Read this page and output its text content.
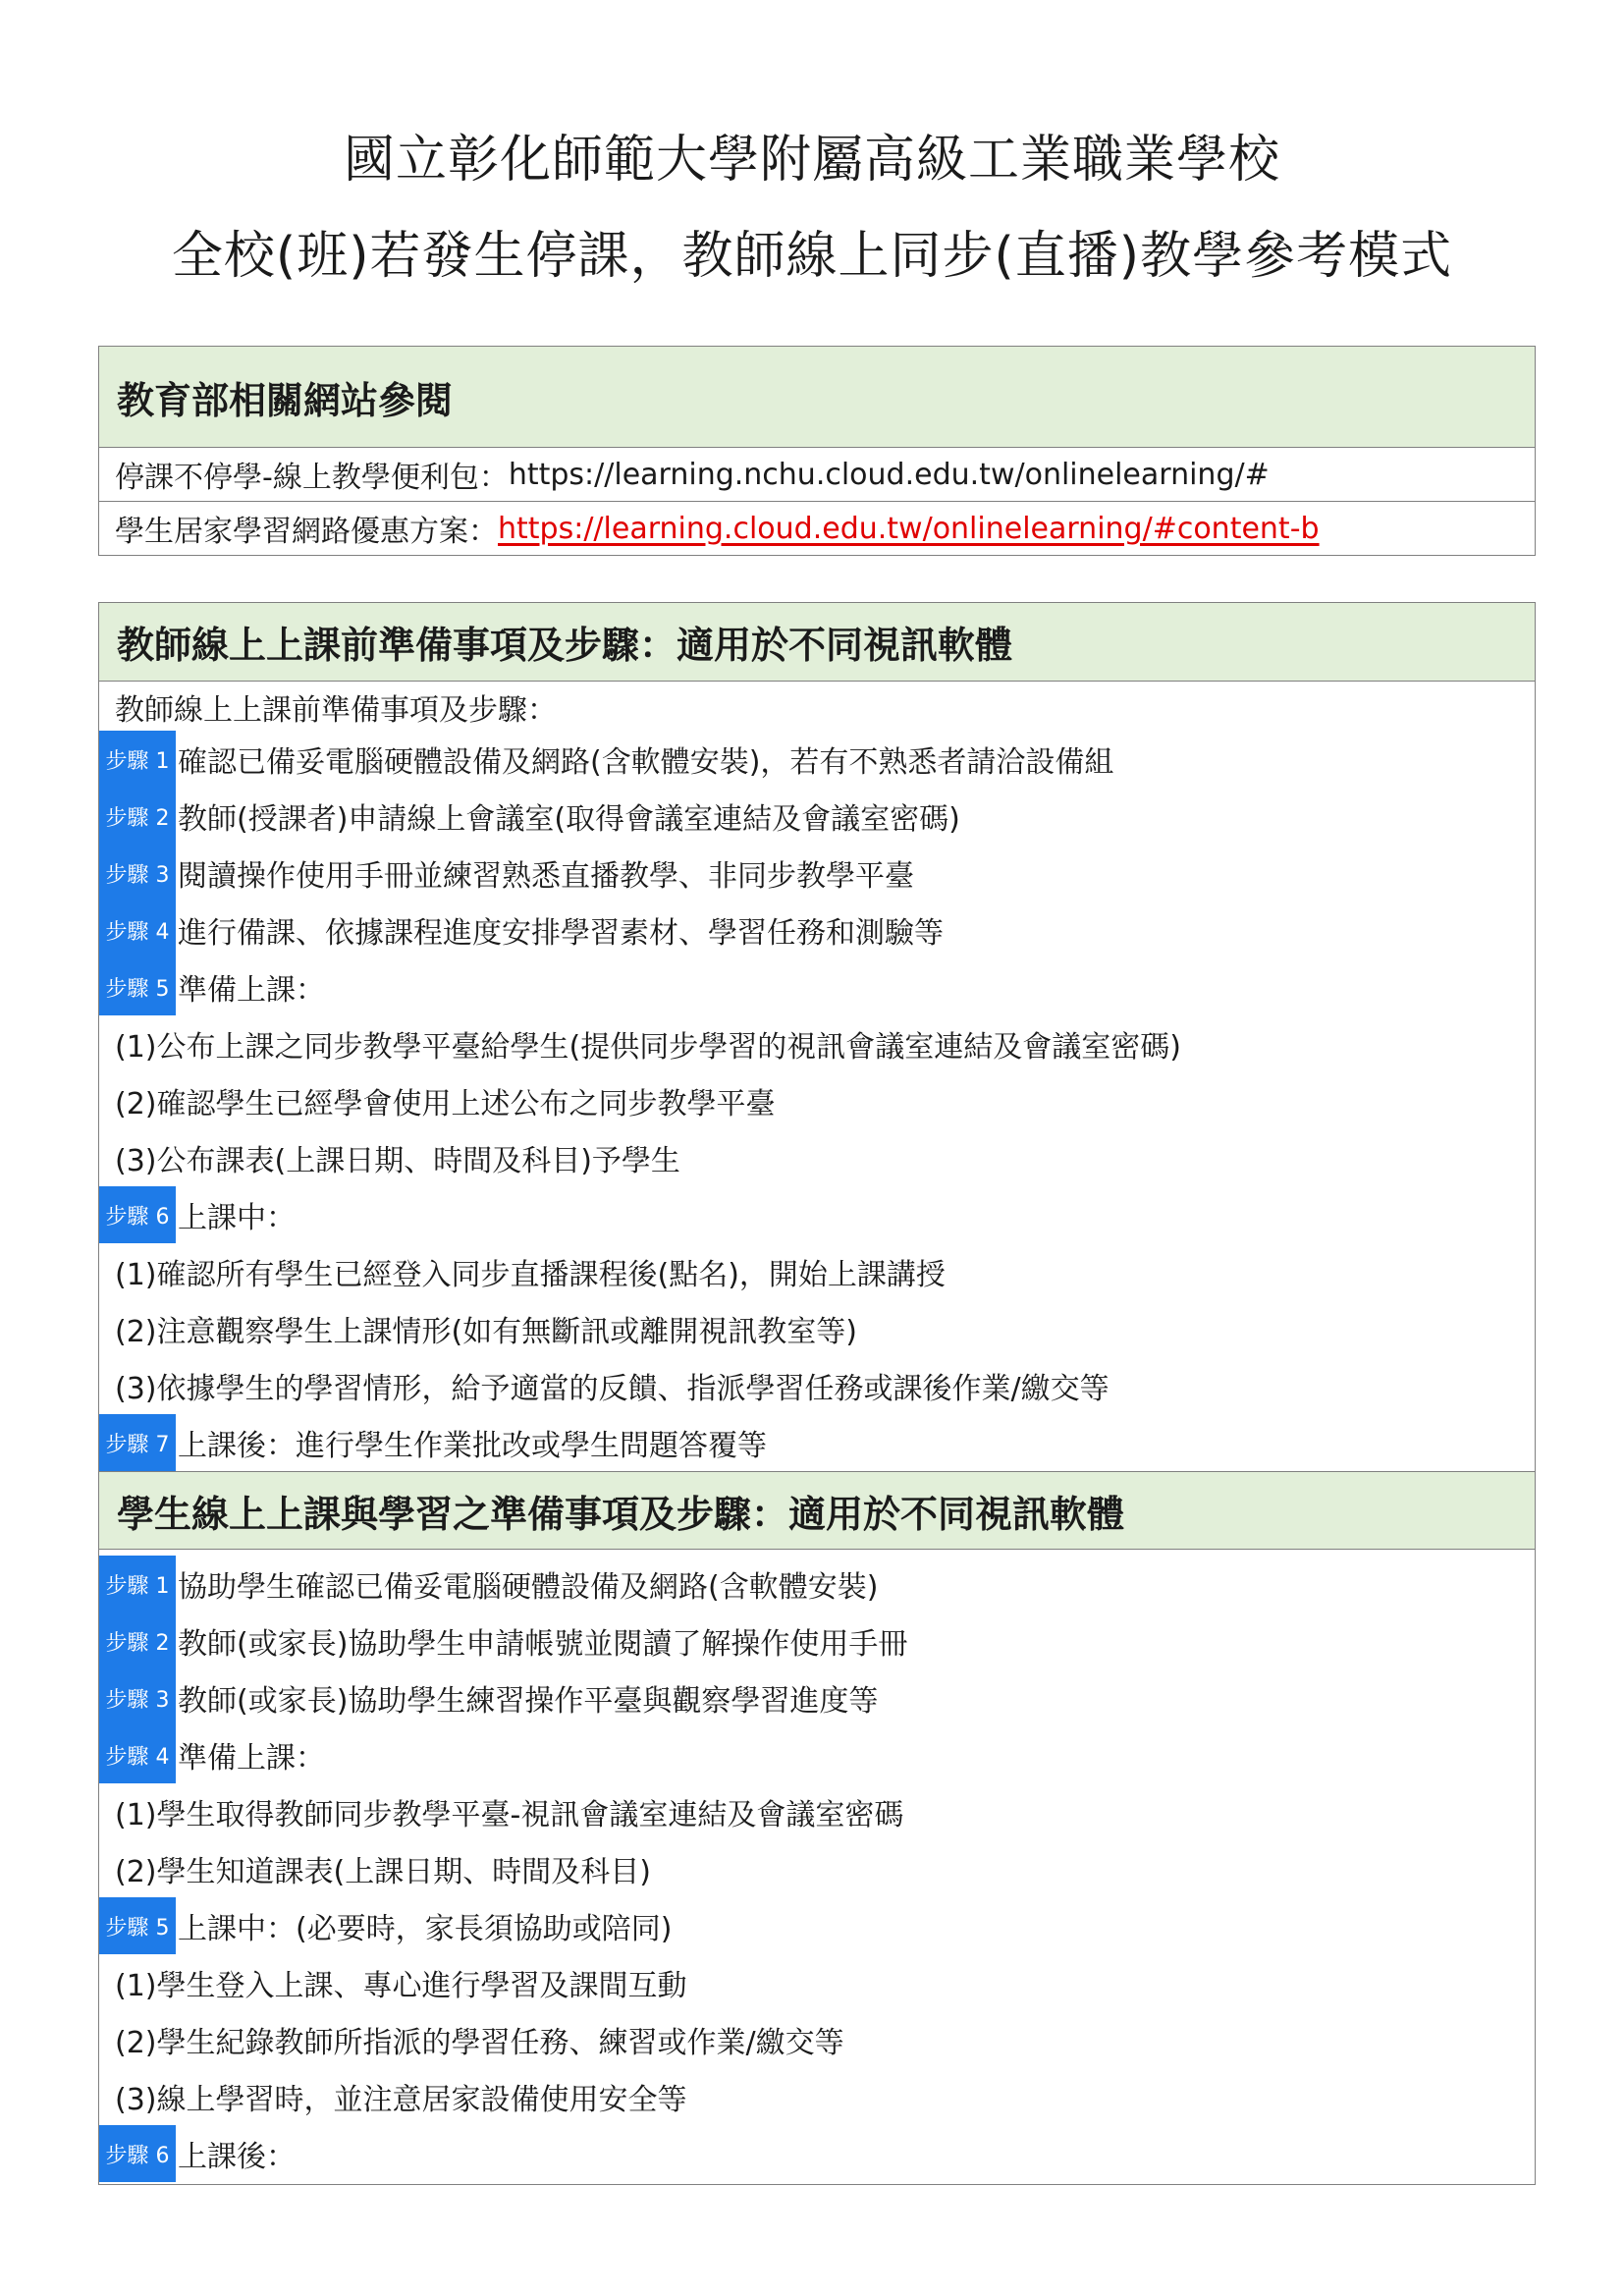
國立彰化師範大學附屬高級工業職業學校
全校(班)若發生停課，教師線上同步(直播)教學參考模式
教育部相關網站參閱
停課不停學-線上教學便利包： https://learning.nchu.cloud.edu.tw/onlinelearning/#
學生居家學習網路優惠方案： https://learning.cloud.edu.tw/onlinelearning/#content-b
教師線上上課前準備事項及步驟：適用於不同視訊軟體
教師線上上課前準備事項及步驟：
步驟 1 確認已備妥電腦硬體設備及網路(含軟體安裝)，若有不熟悉者請洽設備組
步驟 2 教師(授課者)申請線上會議室(取得會議室連結及會議室密碼)
步驟 3 閱讀操作使用手冊並練習熟悉直播教學、非同步教學平臺
步驟 4 進行備課、依據課程進度安排學習素材、學習任務和測驗等
步驟 5 準備上課：
(1)公布上課之同步教學平臺給學生(提供同步學習的視訊會議室連結及會議室密碼)
(2)確認學生已經學會使用上述公布之同步教學平臺
(3)公布課表(上課日期、時間及科目)予學生
步驟 6 上課中：
(1)確認所有學生已經登入同步直播課程後(點名)，開始上課講授
(2)注意觀察學生上課情形(如有無斷訊或離開視訊教室等)
(3)依據學生的學習情形，給予適當的反饋、指派學習任務或課後作業/繳交等
步驟 7 上課後：進行學生作業批改或學生問題答覆等
學生線上上課與學習之準備事項及步驟：適用於不同視訊軟體
步驟 1 協助學生確認已備妥電腦硬體設備及網路(含軟體安裝)
步驟 2 教師(或家長)協助學生申請帳號並閱讀了解操作使用手冊
步驟 3 教師(或家長)協助學生練習操作平臺與觀察學習進度等
步驟 4 準備上課：
(1)學生取得教師同步教學平臺-視訊會議室連結及會議室密碼
(2)學生知道課表(上課日期、時間及科目)
步驟 5 上課中：(必要時，家長須協助或陪同)
(1)學生登入上課、專心進行學習及課間互動
(2)學生紀錄教師所指派的學習任務、練習或作業/繳交等
(3)線上學習時，並注意居家設備使用安全等
步驟 6 上課後：
